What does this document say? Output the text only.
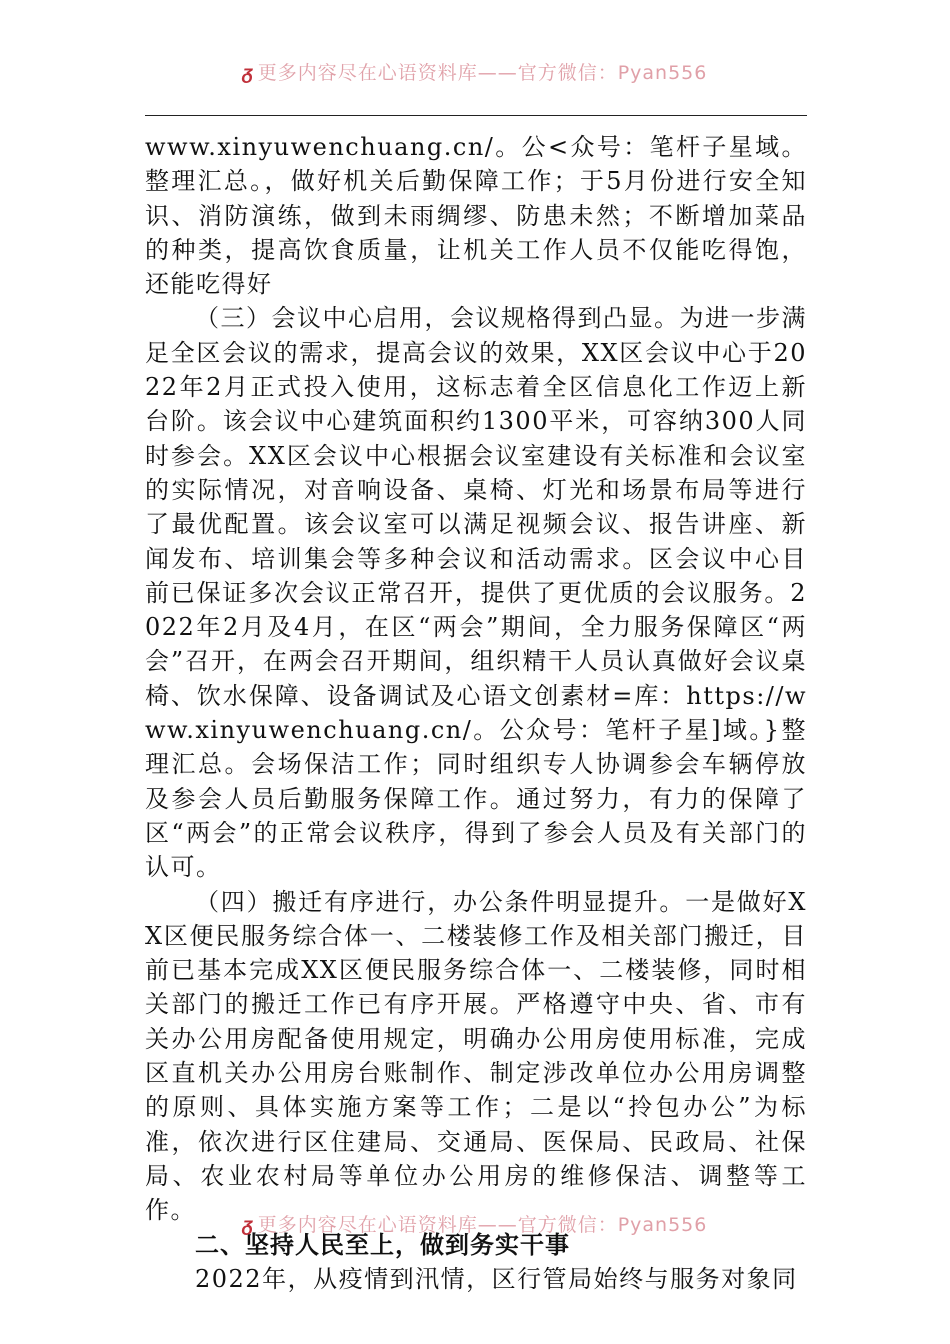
ᵹ 更多内容尽在心语资料库——官方微信：Pyan556

www.xinyuwenchuang.cn/。公<众号：笔杆子星域。整理汇总。，做好机关后勤保障工作；于5月份进行安全知识、消防演练，做到未雨绸缪、防患未然；不断增加菜品的种类，提高饮食质量，让机关工作人员不仅能吃得饱，还能吃得好

（三）会议中心启用，会议规格得到凸显。为进一步满足全区会议的需求，提高会议的效果，XX区会议中心于2022年2月正式投入使用，这标志着全区信息化工作迈上新台阶。该会议中心建筑面积约1300平米，可容纳300人同时参会。XX区会议中心根据会议室建设有关标准和会议室的实际情况，对音响设备、桌椅、灯光和场景布局等进行了最优配置。该会议室可以满足视频会议、报告讲座、新闻发布、培训集会等多种会议和活动需求。区会议中心目前已保证多次会议正常召开，提供了更优质的会议服务。2022年2月及4月，在区“两会”期间，全力服务保障区“两会”召开，在两会召开期间，组织精干人员认真做好会议桌椅、饮水保障、设备调试及心语文创素材=库：https://www.xinyuwenchuang.cn/。公众号：笔杆子星]域。}整理汇总。会场保洁工作；同时组织专人协调参会车辆停放及参会人员后勤服务保障工作。通过努力，有力的保障了区“两会”的正常会议秩序，得到了参会人员及有关部门的认可。

（四）搬迁有序进行，办公条件明显提升。一是做好XX区便民服务综合体一、二楼装修工作及相关部门搬迁，目前已基本完成XX区便民服务综合体一、二楼装修，同时相关部门的搬迁工作已有序开展。严格遵守中央、省、市有关办公用房配备使用规定，明确办公用房使用标准，完成区直机关办公用房台账制作、制定涉改单位办公用房调整的原则、具体实施方案等工作；二是以“拎包办公”为标准，依次进行区住建局、交通局、医保局、民政局、社保局、农业农村局等单位办公用房的维修保洁、调整等工作。

二、坚持人民至上，做到务实干事

2022年，从疫情到汛情，区行管局始终与服务对象同

ᵹ 更多内容尽在心语资料库——官方微信：Pyan556
